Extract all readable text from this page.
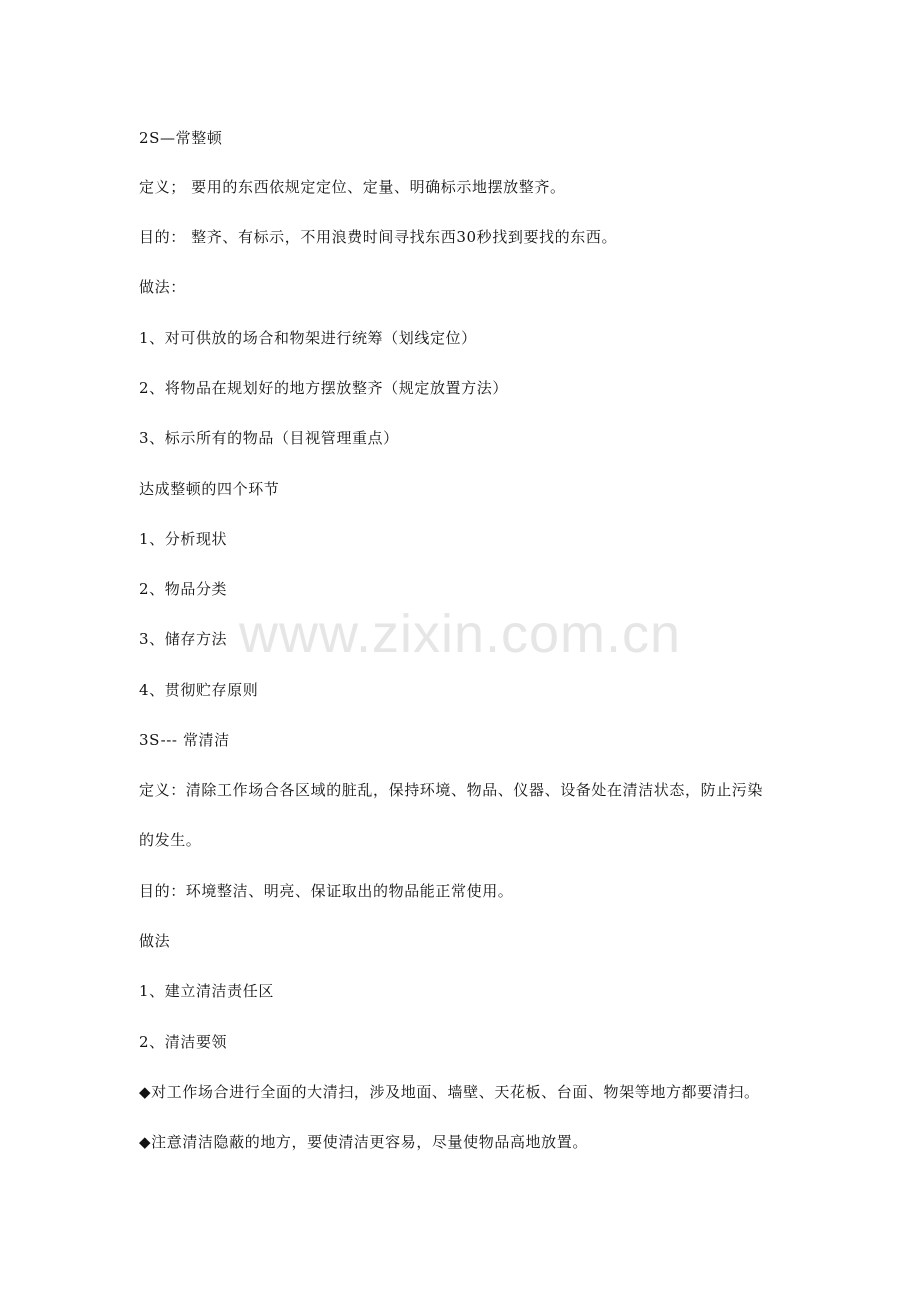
www.zixin.com.cn
2S—常整顿
定义； 要用的东西依规定定位、定量、明确标示地摆放整齐。
目的： 整齐、有标示，不用浪费时间寻找东西30秒找到要找的东西。
做法：
1、对可供放的场合和物架进行统筹（划线定位）
2、将物品在规划好的地方摆放整齐（规定放置方法）
3、标示所有的物品（目视管理重点）
达成整顿的四个环节
1、分析现状
2、物品分类
3、储存方法
4、贯彻贮存原则
3S--- 常清洁
定义：清除工作场合各区域的脏乱，保持环境、物品、仪器、设备处在清洁状态，防止污染
的发生。
目的：环境整洁、明亮、保证取出的物品能正常使用。
做法
1、建立清洁责任区
2、清洁要领
◆对工作场合进行全面的大清扫，涉及地面、墙壁、天花板、台面、物架等地方都要清扫。
◆注意清洁隐蔽的地方，要使清洁更容易，尽量使物品高地放置。
